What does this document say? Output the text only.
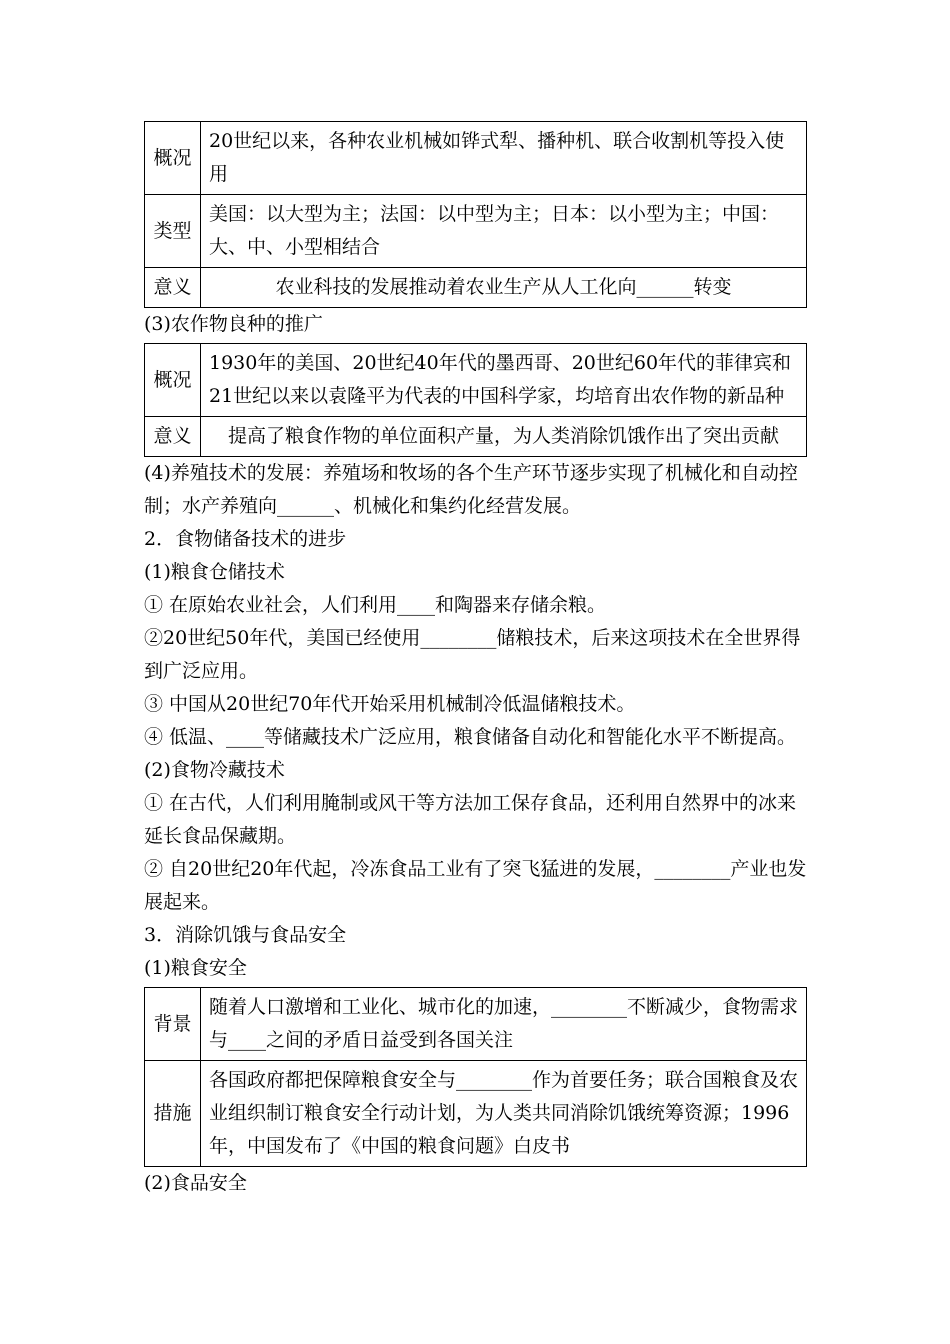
概况	20世纪以来，各种农业机械如铧式犁、播种机、联合收割机等投入使用
类型	美国：以大型为主；法国：以中型为主；日本：以小型为主；中国：大、中、小型相结合
意义	农业科技的发展推动着农业生产从人工化向______转变

(3)农作物良种的推广

概况	1930年的美国、20世纪40年代的墨西哥、20世纪60年代的菲律宾和21世纪以来以袁隆平为代表的中国科学家，均培育出农作物的新品种
意义	提高了粮食作物的单位面积产量，为人类消除饥饿作出了突出贡献

(4)养殖技术的发展：养殖场和牧场的各个生产环节逐步实现了机械化和自动控制；水产养殖向______、机械化和集约化经营发展。

2．食物储备技术的进步

(1)粮食仓储技术

① 在原始农业社会，人们利用____和陶器来存储余粮。

②20世纪50年代，美国已经使用________储粮技术，后来这项技术在全世界得到广泛应用。

③ 中国从20世纪70年代开始采用机械制冷低温储粮技术。

④ 低温、____等储藏技术广泛应用，粮食储备自动化和智能化水平不断提高。

(2)食物冷藏技术

① 在古代，人们利用腌制或风干等方法加工保存食品，还利用自然界中的冰来延长食品保藏期。

② 自20世纪20年代起，冷冻食品工业有了突飞猛进的发展，________产业也发展起来。

3．消除饥饿与食品安全

(1)粮食安全

背景	随着人口激增和工业化、城市化的加速，________不断减少，食物需求与____之间的矛盾日益受到各国关注
措施	各国政府都把保障粮食安全与________作为首要任务；联合国粮食及农业组织制订粮食安全行动计划，为人类共同消除饥饿统筹资源；1996年，中国发布了《中国的粮食问题》白皮书

(2)食品安全
